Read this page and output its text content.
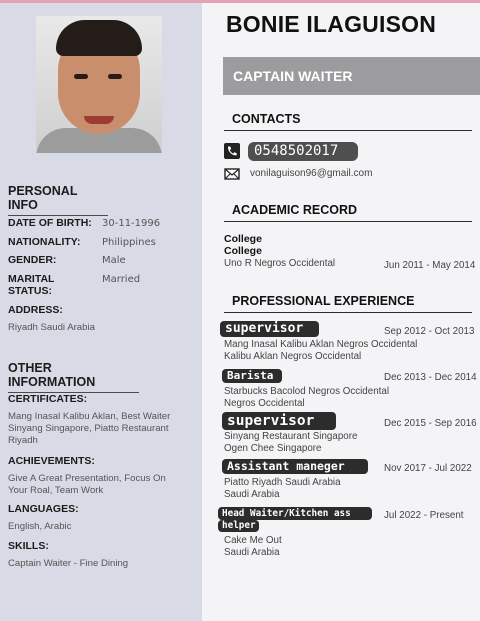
PERSONAL INFO
DATE OF BIRTH: 30-11-1996
NATIONALITY: Philippines
GENDER:	Male
MARITAL
STATUS:
Married
ADDRESS:
Riyadh Saudi Arabia
OTHER INFORMATION
CERTIFICATES:
Mang Inasal Kalibu Aklan, Best Waiter
Sinyang Singapore, Piatto Restaurant
Riyadh
ACHIEVEMENTS:
Give A Great Presentation, Focus On
Your Roal, Team Work
LANGUAGES:
English, Arabic
SKILLS:
Captain Waiter - Fine Dining
BONIE ILAGUISON
CAPTAIN WAITER
CONTACTS
0548502017
vonilaguison96@gmail.com
ACADEMIC RECORD
College
College
Uno R Negros Occidental	Jun 2011 - May 2014
PROFESSIONAL EXPERIENCE
supervisor	Sep 2012 - Oct 2013
Mang Inasal Kalibu Aklan Negros Occidental
Kalibu Aklan Negros Occidental
Barista	Dec 2013 - Dec 2014
Starbucks Bacolod Negros Occidental
Negros Occidental
supervisor	Dec 2015 - Sep 2016
Sinyang Restaurant Singapore
Ogen Chee Singapore
Assistant maneger	Nov 2017 - Jul 2022
Piatto Riyadh Saudi Arabia
Saudi Arabia
Head Waiter/Kitchen ass
helper
Jul 2022 - Present
Cake Me Out
Saudi Arabia
